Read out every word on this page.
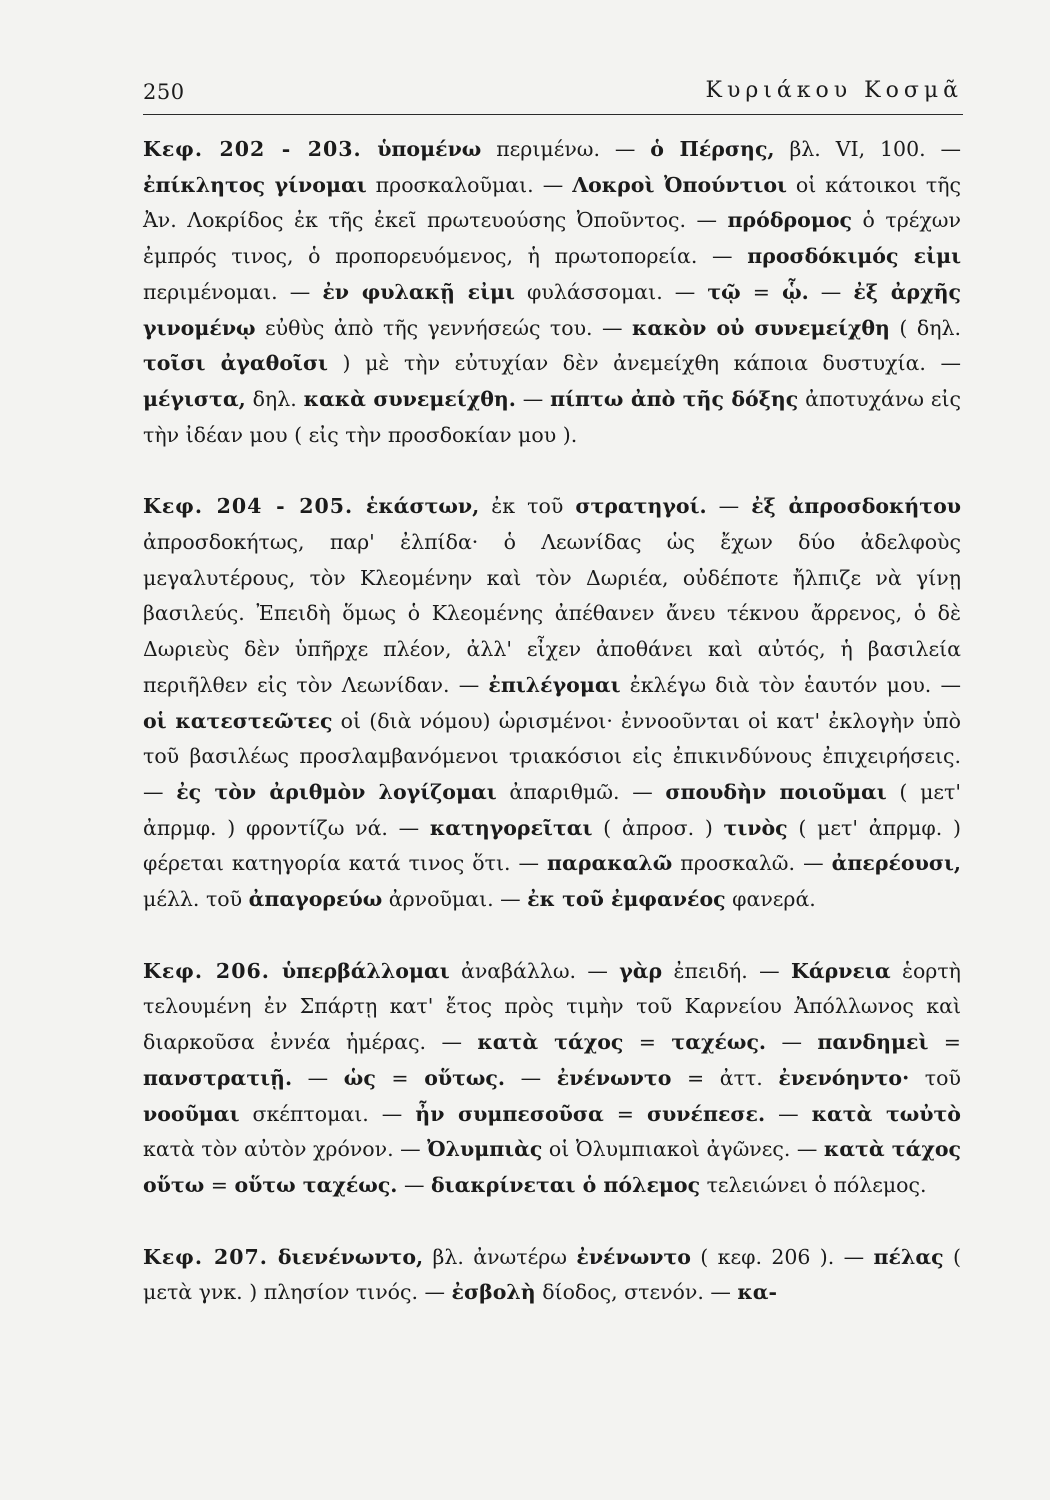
250	Κυριάκου Κοσμᾶ

Κεφ. 202 - 203. ὑπομένω περιμένω. — ὁ Πέρσης, βλ. VI, 100. — ἐπίκλητος γίνομαι προσκαλοῦμαι. — Λοκροὶ Ὀπούντιοι οἱ κάτοικοι τῆς Ἀν. Λοκρίδος ἐκ τῆς ἐκεῖ πρωτευούσης Ὀποῦντος. — πρόδρομος ὁ τρέχων ἐμπρός τινος, ὁ προπορευόμενος, ἡ πρωτοπορεία. — προσδόκιμός εἰμι περιμένομαι. — ἐν φυλακῇ εἰμι φυλάσσομαι. — τῷ = ᾧ. — ἐξ ἀρχῆς γινομένῳ εὐθὺς ἀπὸ τῆς γεννήσεώς του. — κακὸν οὐ συνεμείχθη ( δηλ. τοῖσι ἀγαθοῖσι ) μὲ τὴν εὐτυχίαν δὲν ἀνεμείχθη κάποια δυστυχία. — μέγιστα, δηλ. κακὰ συνεμείχθη. — πίπτω ἀπὸ τῆς δόξης ἀποτυχάνω εἰς τὴν ἰδέαν μου ( εἰς τὴν προσδοκίαν μου ).

Κεφ. 204 - 205. ἑκάστων, ἐκ τοῦ στρατηγοί. — ἐξ ἀπροσδοκήτου ἀπροσδοκήτως, παρ' ἐλπίδα· ὁ Λεωνίδας ὡς ἔχων δύο ἀδελφοὺς μεγαλυτέρους, τὸν Κλεομένην καὶ τὸν Δωριέα, οὐδέποτε ἤλπιζε νὰ γίνῃ βασιλεύς. Ἐπειδὴ ὅμως ὁ Κλεομένης ἀπέθανεν ἄνευ τέκνου ἄρρενος, ὁ δὲ Δωριεὺς δὲν ὑπῆρχε πλέον, ἀλλ' εἶχεν ἀποθάνει καὶ αὐτός, ἡ βασιλεία περιῆλθεν εἰς τὸν Λεωνίδαν. — ἐπιλέγομαι ἐκλέγω διὰ τὸν ἑαυτόν μου. — οἱ κατεστεῶτες οἱ (διὰ νόμου) ὡρισμένοι· ἐννοοῦνται οἱ κατ' ἐκλογὴν ὑπὸ τοῦ βασιλέως προσλαμβανόμενοι τριακόσιοι εἰς ἐπικινδύνους ἐπιχειρήσεις. — ἐς τὸν ἀριθμὸν λογίζομαι ἀπαριθμῶ. — σπουδὴν ποιοῦμαι ( μετ' ἀπρμφ. ) φροντίζω νά. — κατηγορεῖται ( ἀπροσ. ) τινὸς ( μετ' ἀπρμφ. ) φέρεται κατηγορία κατά τινος ὅτι. — παρακαλῶ προσκαλῶ. — ἀπερέουσι, μέλλ. τοῦ ἀπαγορεύω ἀρνοῦμαι. — ἐκ τοῦ ἐμφανέος φανερά.

Κεφ. 206. ὑπερβάλλομαι ἀναβάλλω. — γὰρ ἐπειδή. — Κάρνεια ἑορτὴ τελουμένη ἐν Σπάρτῃ κατ' ἔτος πρὸς τιμὴν τοῦ Καρνείου Ἀπόλλωνος καὶ διαρκοῦσα ἐννέα ἡμέρας. — κατὰ τάχος = ταχέως. — πανδημεὶ = πανστρατιῇ. — ὡς = οὕτως. — ἐνένωντο = ἀττ. ἐνενόηντο· τοῦ νοοῦμαι σκέπτομαι. — ἦν συμπεσοῦσα = συνέπεσε. — κατὰ τωὐτὸ κατὰ τὸν αὐτὸν χρόνον. — Ὀλυμπιὰς οἱ Ὀλυμπιακοὶ ἀγῶνες. — κατὰ τάχος οὕτω = οὕτω ταχέως. — διακρίνεται ὁ πόλεμος τελειώνει ὁ πόλεμος.

Κεφ. 207. διενένωντο, βλ. ἀνωτέρω ἐνένωντο ( κεφ. 206 ). — πέλας ( μετὰ γνκ. ) πλησίον τινός. — ἐσβολὴ δίοδος, στενόν. — κα-
